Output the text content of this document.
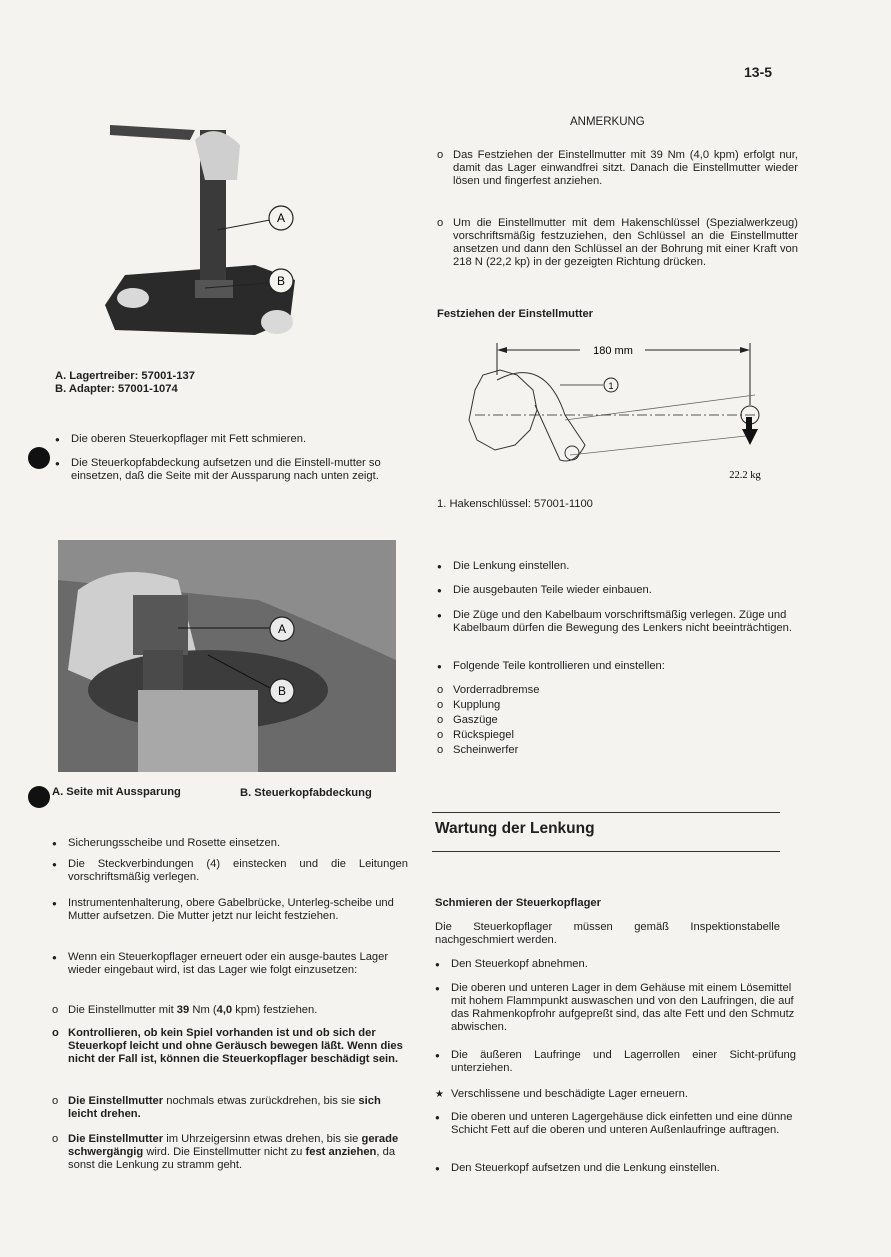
13-5
A
B
A. Lagertreiber: 57001-137
B. Adapter: 57001-1074
● Die oberen Steuerkopflager mit Fett schmieren.
● Die Steuerkopfabdeckung aufsetzen und die Einstell-mutter so einsetzen, daß die Seite mit der Aussparung nach unten zeigt.
A
B
A. Seite mit Aussparung	B. Steuerkopfabdeckung
● Sicherungsscheibe und Rosette einsetzen.
● Die Steckverbindungen (4) einstecken und die Leitungen vorschriftsmäßig verlegen.
● Instrumentenhalterung, obere Gabelbrücke, Unterleg-scheibe und Mutter aufsetzen. Die Mutter jetzt nur leicht festziehen.
● Wenn ein Steuerkopflager erneuert oder ein ausge-bautes Lager wieder eingebaut wird, ist das Lager wie folgt einzusetzen:
o Die Einstellmutter mit 39 Nm (4,0 kpm) festziehen.
o Kontrollieren, ob kein Spiel vorhanden ist und ob sich der Steuerkopf leicht und ohne Geräusch bewegen läßt. Wenn dies nicht der Fall ist, können die Steuerkopflager beschädigt sein.
o Die Einstellmutter nochmals etwas zurückdrehen, bis sie sich leicht drehen.
o Die Einstellmutter im Uhrzeigersinn etwas drehen, bis sie gerade schwergängig wird. Die Einstellmutter nicht zu fest anziehen, da sonst die Lenkung zu stramm geht.
ANMERKUNG
o Das Festziehen der Einstellmutter mit 39 Nm (4,0 kpm) erfolgt nur, damit das Lager einwandfrei sitzt. Danach die Einstellmutter wieder lösen und fingerfest anziehen.
o Um die Einstellmutter mit dem Hakenschlüssel (Spezialwerkzeug) vorschriftsmäßig festzuziehen, den Schlüssel an die Einstellmutter ansetzen und dann den Schlüssel an der Bohrung mit einer Kraft von 218 N (22,2 kp) in der gezeigten Richtung drücken.
Festziehen der Einstellmutter
180 mm
1
22.2 kg
1. Hakenschlüssel: 57001-1100
● Die Lenkung einstellen.
● Die ausgebauten Teile wieder einbauen.
● Die Züge und den Kabelbaum vorschriftsmäßig verlegen. Züge und Kabelbaum dürfen die Bewegung des Lenkers nicht beeinträchtigen.
● Folgende Teile kontrollieren und einstellen:
o Vorderradbremse
o Kupplung
o Gaszüge
o Rückspiegel
o Scheinwerfer
Wartung der Lenkung
Schmieren der Steuerkopflager
Die Steuerkopflager müssen gemäß Inspektionstabelle nachgeschmiert werden.
● Den Steuerkopf abnehmen.
● Die oberen und unteren Lager in dem Gehäuse mit einem Lösemittel mit hohem Flammpunkt auswaschen und von den Laufringen, die auf das Rahmenkopfrohr aufgepreßt sind, das alte Fett und den Schmutz abwischen.
● Die äußeren Laufringe und Lagerrollen einer Sicht-prüfung unterziehen.
★ Verschlissene und beschädigte Lager erneuern.
● Die oberen und unteren Lagergehäuse dick einfetten und eine dünne Schicht Fett auf die oberen und unteren Außenlaufringe auftragen.
● Den Steuerkopf aufsetzen und die Lenkung einstellen.
